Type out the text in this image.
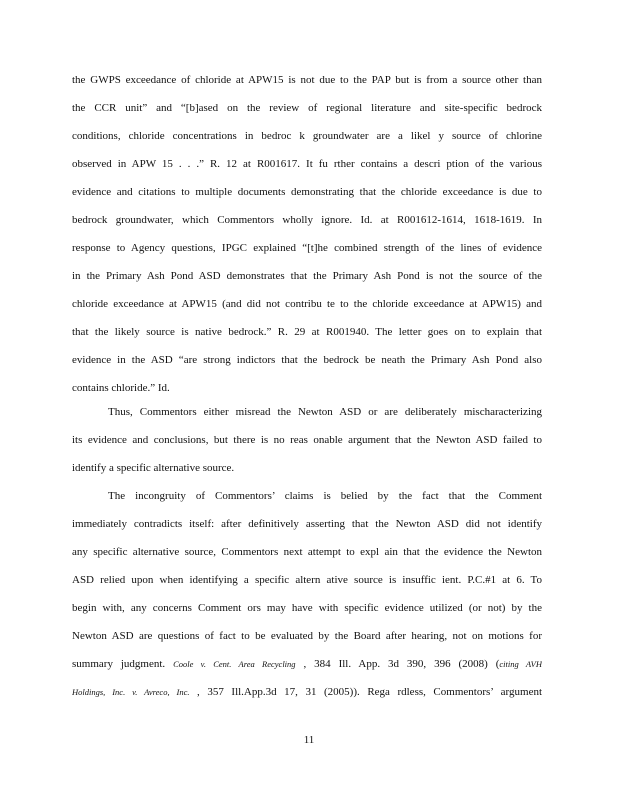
the GWPS exceedance of chloride at APW15 is not due to the PAP but is from a source other than
the CCR unit” and “[b]ased on the review of regional literature and site-specific bedrock
conditions, chloride concentrations in bedroc k groundwater are a likel y source of chlorine
observed in APW 15 . . .” R. 12 at R001617. It fu rther contains a descri ption of the various
evidence and citations to multiple documents demonstrating that the chloride exceedance is due to
bedrock groundwater, which Commentors wholly ignore. Id. at R001612-1614, 1618-1619. In
response to Agency questions, IPGC explained “[t]he combined strength of the lines of evidence
in the Primary Ash Pond ASD demonstrates that the Primary Ash Pond is not the source of the
chloride exceedance at APW15 (and did not contribu te to the chloride exceedance at APW15) and
that the likely source is native bedrock.” R. 29 at R001940. The letter goes on to explain that
evidence in the ASD “are strong indictors that the bedrock be neath the Primary Ash Pond also
contains chloride.” Id.
Thus, Commentors either misread the Newton ASD or are deliberately mischaracterizing
its evidence and conclusions, but there is no reas onable argument that the Newton ASD failed to
identify a specific alternative source.
The incongruity of Commentors’ claims is belied by the fact that the Comment
immediately contradicts itself: after definitively asserting that the Newton ASD did not identify
any specific alternative source, Commentors next attempt to expl ain that the evidence the Newton
ASD relied upon when identifying a specific altern ative source is insuffic ient. P.C.#1 at 6. To
begin with, any concerns Comment ors may have with specific evidence utilized (or not) by the
Newton ASD are questions of fact to be evaluated by the Board after hearing, not on motions for
summary judgment. Coole v. Cent. Area Recycling , 384 Ill. App. 3d 390, 396 (2008) (citing AVH
Holdings, Inc. v. Avreco, Inc. , 357 Ill.App.3d 17, 31 (2005)). Rega rdless, Commentors’ argument
11
